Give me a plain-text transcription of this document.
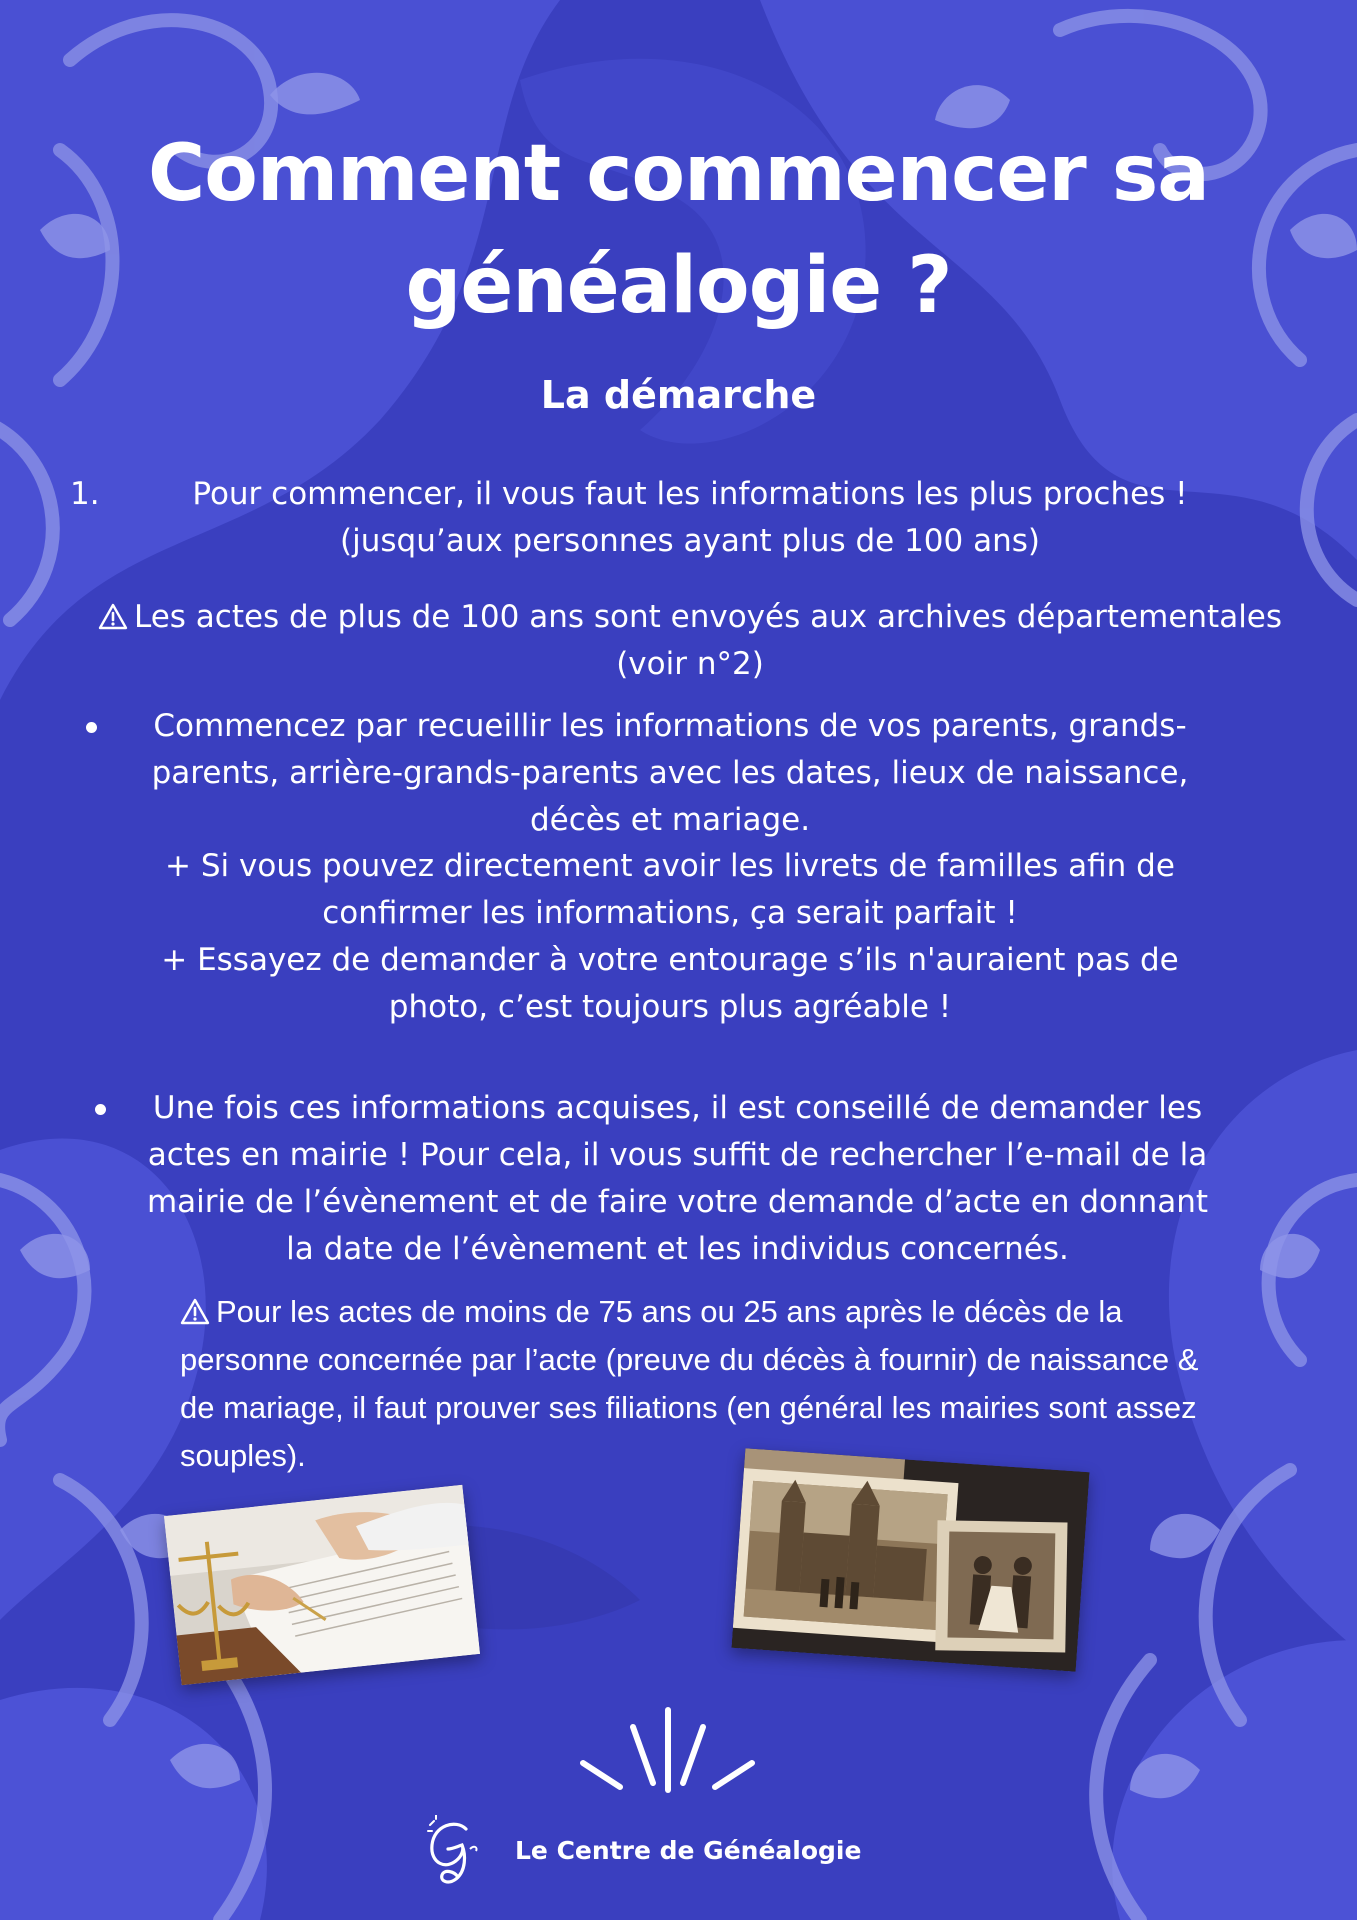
Comment commencer sa généalogie ?
La démarche
1.	Pour commencer, il vous faut les informations les plus proches !
(jusqu’aux personnes ayant plus de 100 ans)
Les actes de plus de 100 ans sont envoyés aux archives départementales
(voir n°2)
Commencez par recueillir les informations de vos parents, grands-parents, arrière-grands-parents avec les dates, lieux de naissance, décès et mariage.
+ Si vous pouvez directement avoir les livrets de familles afin de confirmer les informations, ça serait parfait !
+ Essayez de demander à votre entourage s’ils n'auraient pas de photo, c’est toujours plus agréable !
Une fois ces informations acquises, il est conseillé de demander les actes en mairie ! Pour cela, il vous suffit de rechercher l’e-mail de la mairie de l’évènement et de faire votre demande d’acte en donnant la date de l’évènement et les individus concernés.
Pour les actes de moins de 75 ans ou 25 ans après le décès de la personne concernée par l’acte (preuve du décès à fournir) de naissance & de mariage, il faut prouver ses filiations (en général les mairies sont assez souples).
Le Centre de Généalogie
